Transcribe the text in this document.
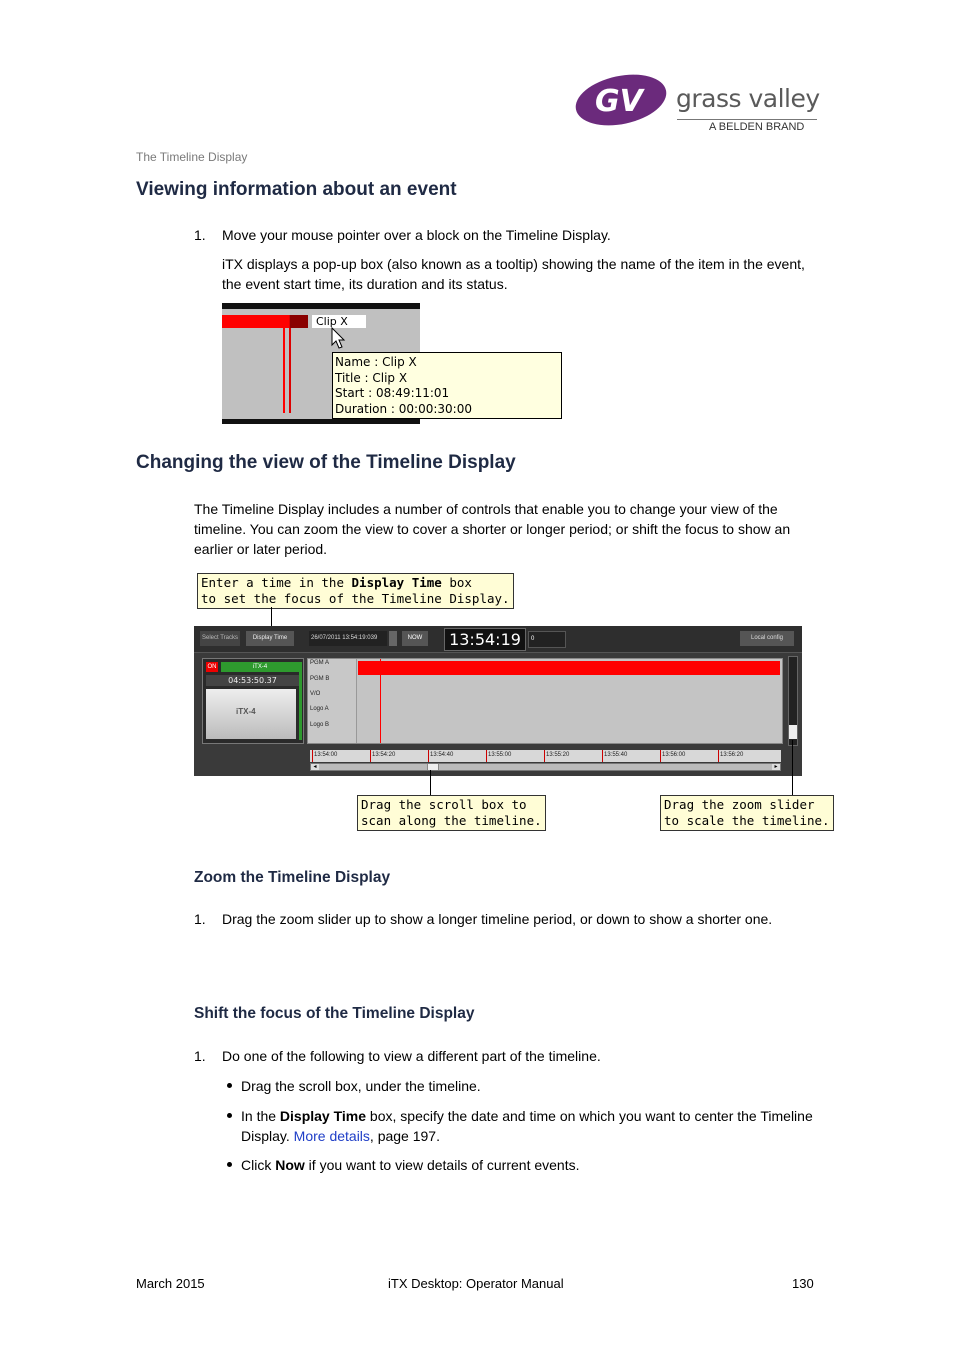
GV grass valley
A BELDEN BRAND
The Timeline Display
Viewing information about an event
1. Move your mouse pointer over a block on the Timeline Display.
iTX displays a pop-up box (also known as a tooltip) showing the name of the item in the event, the event start time, its duration and its status.
Clip X
Name : Clip X
Title : Clip X
Start : 08:49:11:01
Duration : 00:00:30:00
Changing the view of the Timeline Display
The Timeline Display includes a number of controls that enable you to change your view of the timeline. You can zoom the view to cover a shorter or longer period; or shift the focus to show an earlier or later period.
Enter a time in the Display Time box
to set the focus of the Timeline Display.
Select Tracks	Display Time	26/07/2011 13:54:19:039	NOW	13:54:19	0	Local config
ON	iTX-4
04:53:50.37
iTX-4
PGM A
PGM B
V/O
Logo A
Logo B
13:54:00	13:54:20	13:54:40	13:55:00	13:55:20	13:55:40	13:56:00	13:56:20
◂	▸
Drag the scroll box to
scan along the timeline.
Drag the zoom slider
to scale the timeline.
Zoom the Timeline Display
1. Drag the zoom slider up to show a longer timeline period, or down to show a shorter one.
Shift the focus of the Timeline Display
1. Do one of the following to view a different part of the timeline.
Drag the scroll box, under the timeline.
In the Display Time box, specify the date and time on which you want to center the Timeline Display. More details, page 197.
Click Now if you want to view details of current events.
March 2015	iTX Desktop: Operator Manual	130
